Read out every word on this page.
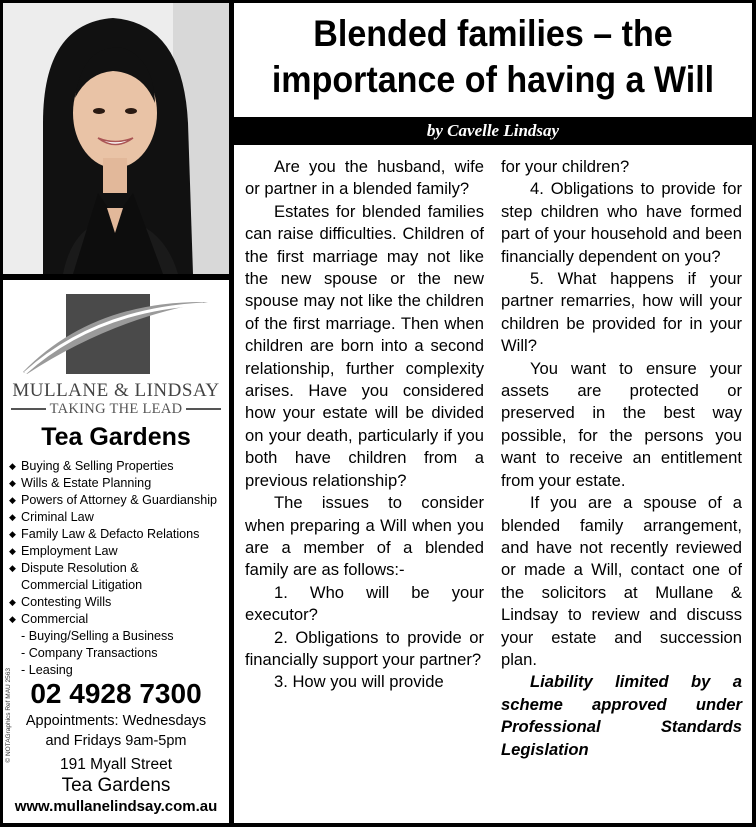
Blended families – the
importance of having a Will
by Cavelle Lindsay

Are you the husband, wife or partner in a blended family?

Estates for blended families can raise difficulties. Children of the first marriage may not like the new spouse or the new spouse may not like the children of the first marriage. Then when children are born into a second relationship, further complexity arises. Have you considered how your estate will be divided on your death, particularly if you both have children from a previous relationship?

The issues to consider when preparing a Will when you are a member of a blended family are as follows:-

1. Who will be your executor?

2. Obligations to provide or financially support your partner?

3. How you will provide

for your children?

4. Obligations to provide for step children who have formed part of your household and been financially dependent on you?

5. What happens if your partner remarries, how will your children be provided for in your Will?

You want to ensure your assets are protected or preserved in the best way possible, for the persons you want to receive an entitlement from your estate.

If you are a spouse of a blended family arrangement, and have not recently reviewed or made a Will, contact one of the solicitors at Mullane & Lindsay to review and discuss your estate and succession plan.

Liability limited by a scheme approved under Professional Standards Legislation

MULLANE & LINDSAY
TAKING THE LEAD
Tea Gardens
◆ Buying & Selling Properties
◆ Wills & Estate Planning
◆ Powers of Attorney & Guardianship
◆ Criminal Law
◆ Family Law & Defacto Relations
◆ Employment Law
◆ Dispute Resolution &
Commercial Litigation
◆ Contesting Wills
◆ Commercial
- Buying/Selling a Business
- Company Transactions
- Leasing
© NOTAGraphics Ref MAU 2563 02 4928 7300
Appointments: Wednesdays
and Fridays 9am-5pm
191 Myall Street
Tea Gardens
www.mullanelindsay.com.au
